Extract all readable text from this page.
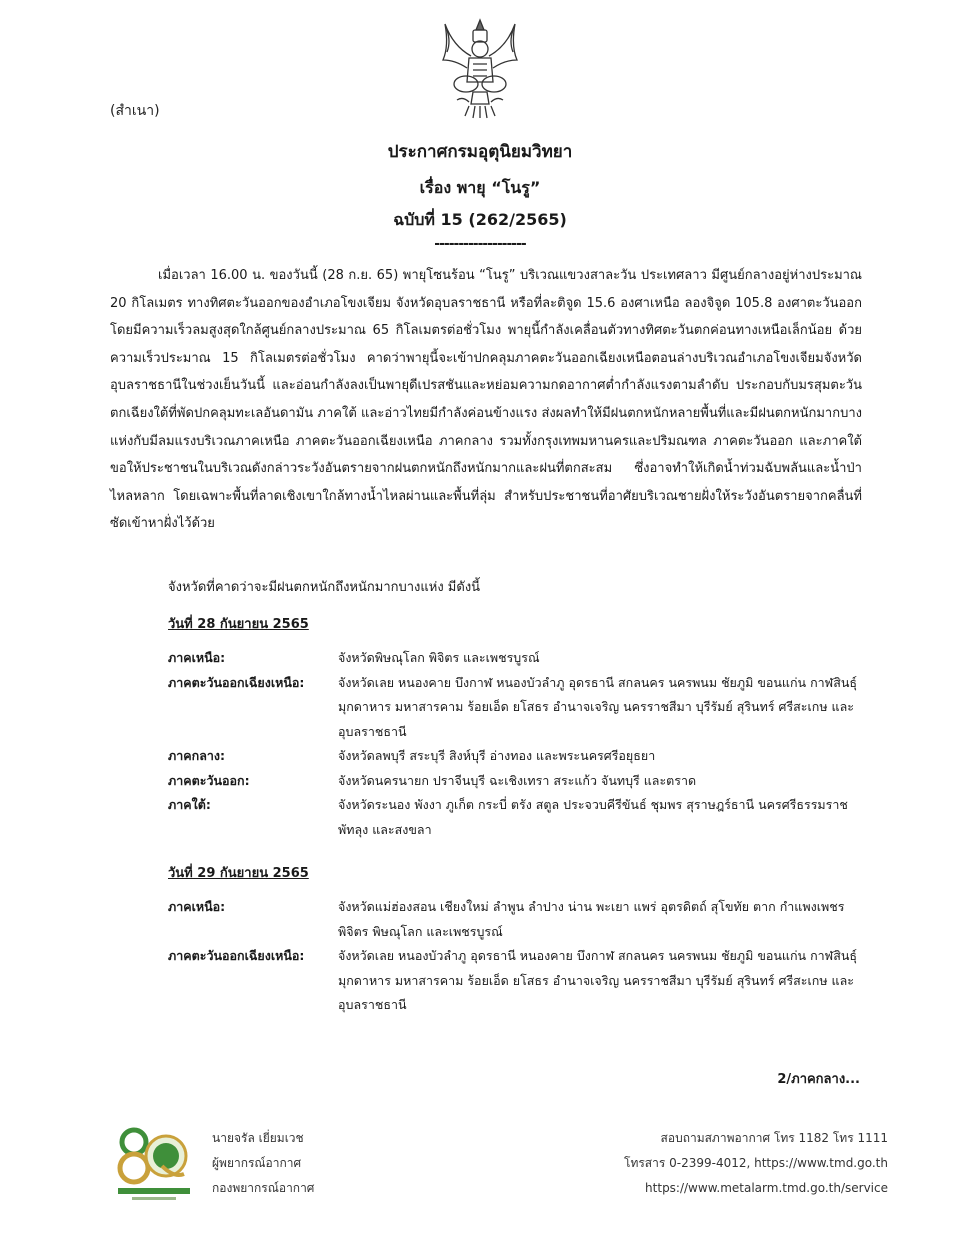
(สำเนา)
ประกาศกรมอุตุนิยมวิทยา
เรื่อง พายุ “โนรู”
ฉบับที่ 15 (262/2565)
-------------------
เมื่อเวลา 16.00 น. ของวันนี้ (28 ก.ย. 65) พายุโซนร้อน “โนรู” บริเวณแขวงสาละวัน ประเทศลาว มีศูนย์กลางอยู่ห่างประมาณ 20 กิโลเมตร ทางทิศตะวันออกของอำเภอโขงเจียม จังหวัดอุบลราชธานี หรือที่ละติจูด 15.6 องศาเหนือ ลองจิจูด 105.8 องศาตะวันออก โดยมีความเร็วลมสูงสุดใกล้ศูนย์กลางประมาณ 65 กิโลเมตรต่อชั่วโมง พายุนี้กำลังเคลื่อนตัวทางทิศตะวันตกค่อนทางเหนือเล็กน้อย ด้วยความเร็วประมาณ 15 กิโลเมตรต่อชั่วโมง คาดว่าพายุนี้จะเข้าปกคลุมภาคตะวันออกเฉียงเหนือตอนล่างบริเวณอำเภอโขงเจียมจังหวัดอุบลราชธานีในช่วงเย็นวันนี้ และอ่อนกำลังลงเป็นพายุดีเปรสชันและหย่อมความกดอากาศต่ำกำลังแรงตามลำดับ ประกอบกับมรสุมตะวันตกเฉียงใต้ที่พัดปกคลุมทะเลอันดามัน ภาคใต้ และอ่าวไทยมีกำลังค่อนข้างแรง ส่งผลทำให้มีฝนตกหนักหลายพื้นที่และมีฝนตกหนักมากบางแห่งกับมีลมแรงบริเวณภาคเหนือ ภาคตะวันออกเฉียงเหนือ ภาคกลาง รวมทั้งกรุงเทพมหานครและปริมณฑล ภาคตะวันออก และภาคใต้ ขอให้ประชาชนในบริเวณดังกล่าวระวังอันตรายจากฝนตกหนักถึงหนักมากและฝนที่ตกสะสม ซึ่งอาจทำให้เกิดน้ำท่วมฉับพลันและน้ำป่าไหลหลาก โดยเฉพาะพื้นที่ลาดเชิงเขาใกล้ทางน้ำไหลผ่านและพื้นที่ลุ่ม สำหรับประชาชนที่อาศัยบริเวณชายฝั่งให้ระวังอันตรายจากคลื่นที่ซัดเข้าหาฝั่งไว้ด้วย
จังหวัดที่คาดว่าจะมีฝนตกหนักถึงหนักมากบางแห่ง มีดังนี้
วันที่ 28 กันยายน 2565
ภาคเหนือ:	จังหวัดพิษณุโลก พิจิตร และเพชรบูรณ์
ภาคตะวันออกเฉียงเหนือ:	จังหวัดเลย หนองคาย บึงกาฬ หนองบัวลำภู อุดรธานี สกลนคร นครพนม ชัยภูมิ ขอนแก่น กาฬสินธุ์ มุกดาหาร มหาสารคาม ร้อยเอ็ด ยโสธร อำนาจเจริญ นครราชสีมา บุรีรัมย์ สุรินทร์ ศรีสะเกษ และอุบลราชธานี
ภาคกลาง:	จังหวัดลพบุรี สระบุรี สิงห์บุรี อ่างทอง และพระนครศรีอยุธยา
ภาคตะวันออก:	จังหวัดนครนายก ปราจีนบุรี ฉะเชิงเทรา สระแก้ว จันทบุรี และตราด
ภาคใต้:	จังหวัดระนอง พังงา ภูเก็ต กระบี่ ตรัง สตูล ประจวบคีรีขันธ์ ชุมพร สุราษฎร์ธานี นครศรีธรรมราช พัทลุง และสงขลา
วันที่ 29 กันยายน 2565
ภาคเหนือ:	จังหวัดแม่ฮ่องสอน เชียงใหม่ ลำพูน ลำปาง น่าน พะเยา แพร่ อุตรดิตถ์ สุโขทัย ตาก กำแพงเพชร พิจิตร พิษณุโลก และเพชรบูรณ์
ภาคตะวันออกเฉียงเหนือ:	จังหวัดเลย หนองบัวลำภู อุดรธานี หนองคาย บึงกาฬ สกลนคร นครพนม ชัยภูมิ ขอนแก่น กาฬสินธุ์ มุกดาหาร มหาสารคาม ร้อยเอ็ด ยโสธร อำนาจเจริญ นครราชสีมา บุรีรัมย์ สุรินทร์ ศรีสะเกษ และอุบลราชธานี
2/ภาคกลาง...
นายจรัล เยี่ยมเวช
ผู้พยากรณ์อากาศ
กองพยากรณ์อากาศ
สอบถามสภาพอากาศ โทร 1182 โทร 1111
โทรสาร 0-2399-4012, https://www.tmd.go.th
https://www.metalarm.tmd.go.th/service
